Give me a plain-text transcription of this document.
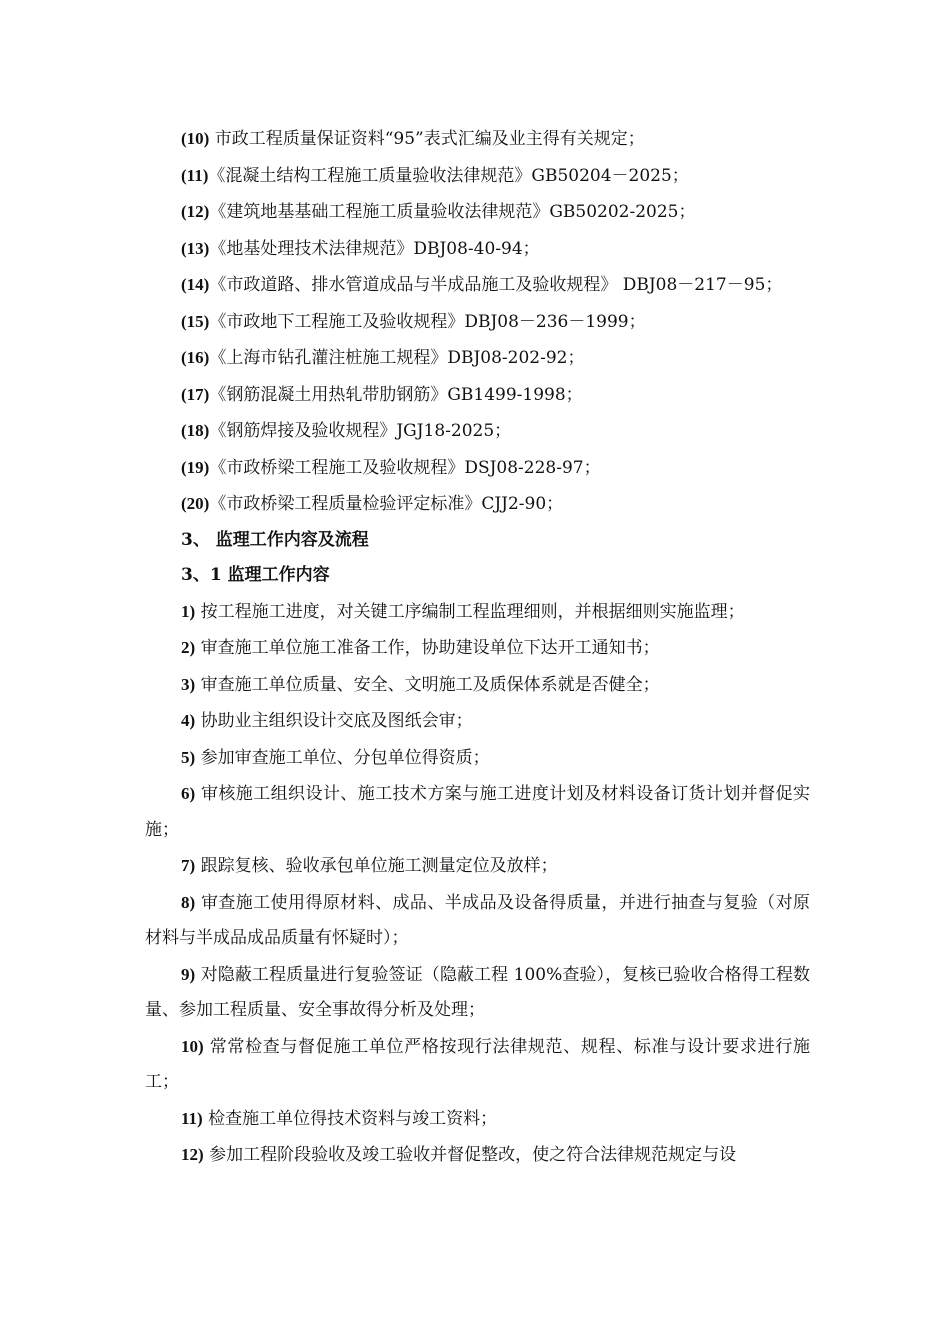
(10) 市政工程质量保证资料“95”表式汇编及业主得有关规定；

(11)《混凝土结构工程施工质量验收法律规范》GB50204－2025；

(12)《建筑地基基础工程施工质量验收法律规范》GB50202-2025；

(13)《地基处理技术法律规范》DBJ08-40-94；

(14)《市政道路、排水管道成品与半成品施工及验收规程》 DBJ08－217－95；

(15)《市政地下工程施工及验收规程》DBJ08－236－1999；

(16)《上海市钻孔灌注桩施工规程》DBJ08-202-92；

(17)《钢筋混凝土用热轧带肋钢筋》GB1499-1998；

(18)《钢筋焊接及验收规程》JGJ18-2025；

(19)《市政桥梁工程施工及验收规程》DSJ08-228-97；

(20)《市政桥梁工程质量检验评定标准》CJJ2-90；

3、 监理工作内容及流程

3、1 监理工作内容

1) 按工程施工进度，对关键工序编制工程监理细则，并根据细则实施监理；

2) 审查施工单位施工准备工作，协助建设单位下达开工通知书；

3) 审查施工单位质量、安全、文明施工及质保体系就是否健全；

4) 协助业主组织设计交底及图纸会审；

5) 参加审查施工单位、分包单位得资质；

6) 审核施工组织设计、施工技术方案与施工进度计划及材料设备订货计划并督促实施；

7) 跟踪复核、验收承包单位施工测量定位及放样；

8) 审查施工使用得原材料、成品、半成品及设备得质量，并进行抽查与复验（对原材料与半成品成品质量有怀疑时）；

9) 对隐蔽工程质量进行复验签证（隐蔽工程 100%查验），复核已验收合格得工程数量、参加工程质量、安全事故得分析及处理；

10) 常常检查与督促施工单位严格按现行法律规范、规程、标准与设计要求进行施工；

11) 检查施工单位得技术资料与竣工资料；

12) 参加工程阶段验收及竣工验收并督促整改，使之符合法律规范规定与设
